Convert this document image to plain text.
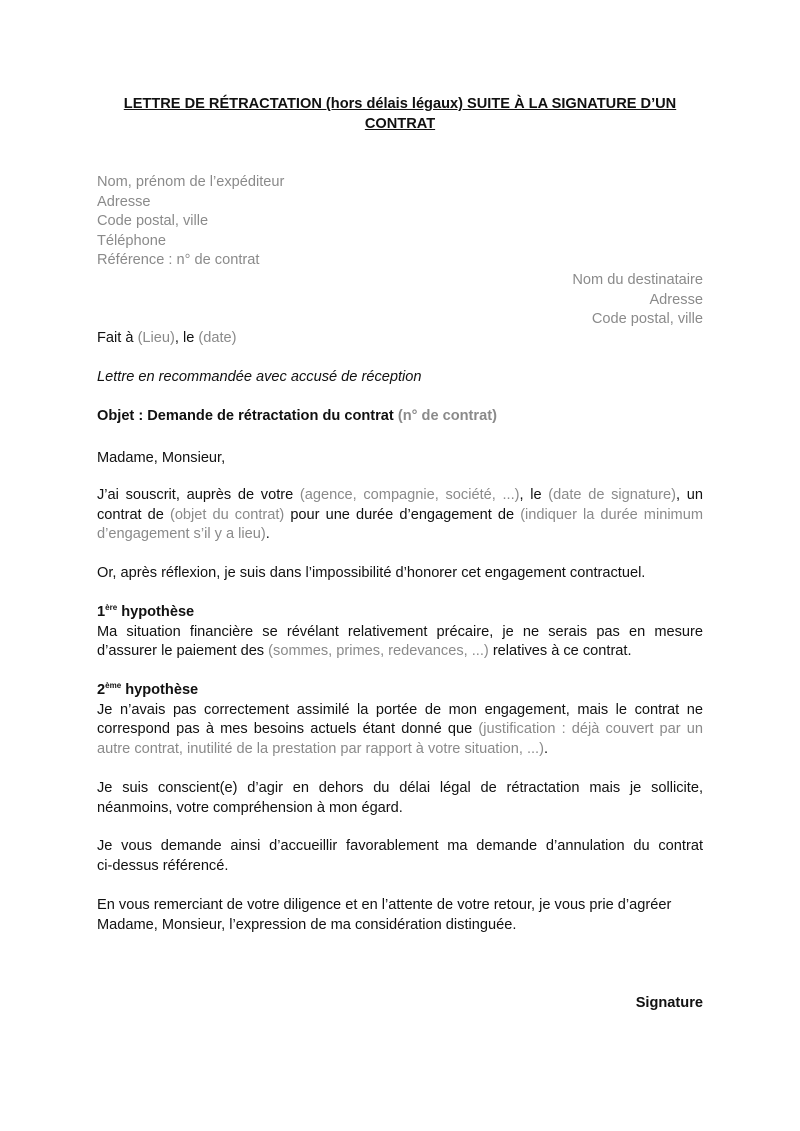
LETTRE DE RÉTRACTATION (hors délais légaux) SUITE À LA SIGNATURE D’UN
CONTRAT
Nom, prénom de l’expéditeur
Adresse
Code postal, ville
Téléphone
Référence : n° de contrat
Nom du destinataire
Adresse
Code postal, ville
Fait à (Lieu), le (date)
Lettre en recommandée avec accusé de réception
Objet : Demande de rétractation du contrat (n° de contrat)
Madame, Monsieur,
J’ai souscrit, auprès de votre (agence, compagnie, société, ...), le (date de signature), un
contrat de (objet du contrat) pour une durée d’engagement de (indiquer la durée minimum
d’engagement s’il y a lieu).
Or, après réflexion, je suis dans l’impossibilité d’honorer cet engagement contractuel.
1ère hypothèse
Ma situation financière se révélant relativement précaire, je ne serais pas en mesure
d’assurer le paiement des (sommes, primes, redevances, ...) relatives à ce contrat.
2ème hypothèse
Je n’avais pas correctement assimilé la portée de mon engagement, mais le contrat ne
correspond pas à mes besoins actuels étant donné que (justification : déjà couvert par un
autre contrat, inutilité de la prestation par rapport à votre situation, ...).
Je suis conscient(e) d’agir en dehors du délai légal de rétractation mais je sollicite,
néanmoins, votre compréhension à mon égard.
Je vous demande ainsi d’accueillir favorablement ma demande d’annulation du contrat
ci-dessus référencé.
En vous remerciant de votre diligence et en l’attente de votre retour, je vous prie d’agréer
Madame, Monsieur, l’expression de ma considération distinguée.
Signature
